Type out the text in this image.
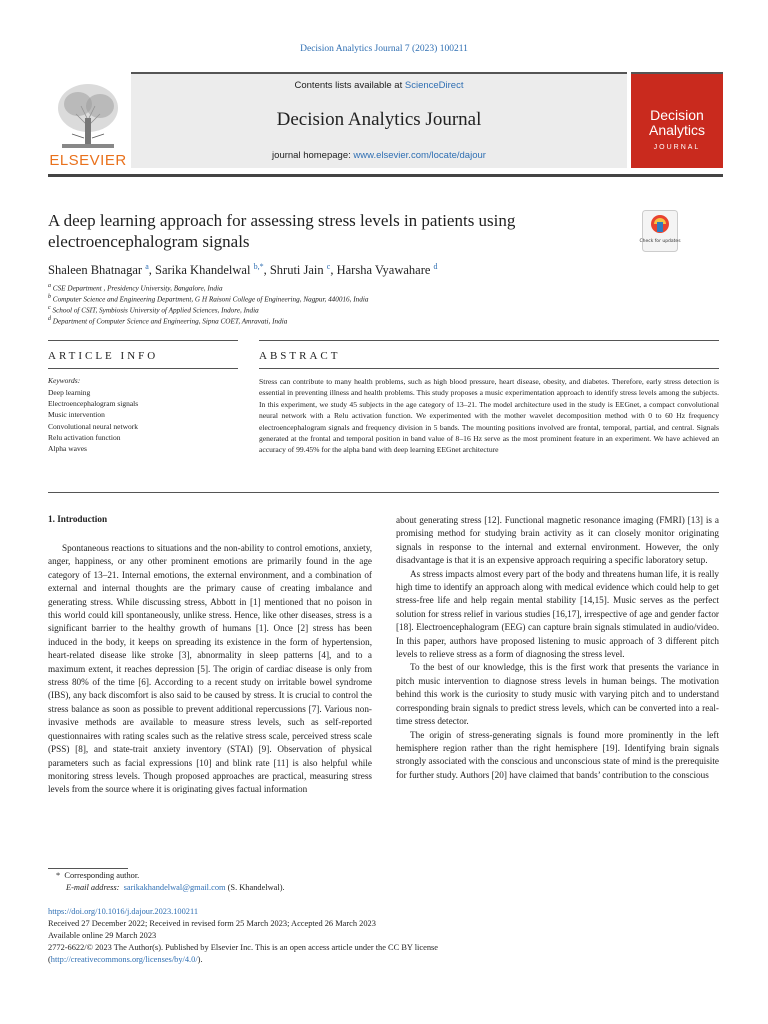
Decision Analytics Journal 7 (2023) 100211
ELSEVIER
Contents lists available at ScienceDirect
Decision Analytics Journal
journal homepage: www.elsevier.com/locate/dajour
Decision Analytics
JOURNAL
A deep learning approach for assessing stress levels in patients using electroencephalogram signals	Check for updates
Shaleen Bhatnagar $^a$, Sarika Khandelwal $^{b,*}$, Shruti Jain $^c$, Harsha Vyawahare $^d$
$^a$ CSE Department , Presidency University, Bangalore, India
$^b$ Computer Science and Engineering Department, G H Raisoni College of Engineering, Nagpur, 440016, India
$^c$ School of CSIT, Symbiosis University of Applied Sciences, Indore, India
$^d$ Department of Computer Science and Engineering, Sipna COET, Amravati, India
ARTICLE INFO
Keywords:
Deep learning
Electroencephalogram signals
Music intervention
Convolutional neural network
Relu activation function
Alpha waves
ABSTRACT
Stress can contribute to many health problems, such as high blood pressure, heart disease, obesity, and diabetes. Therefore, early stress detection is essential in preventing illness and health problems. This study proposes a music experimentation approach to identify stress levels among the subjects. In this experiment, we study 45 subjects in the age category of 13–21. The model architecture used in the study is EEGnet, a compact convolutional neural network with a Relu activation function. We experimented with the mother wavelet decomposition method with 0 to 60 Hz frequency electroencephalogram signals and frequency division in 5 bands. The mounting positions involved are frontal, temporal, partial, and central. Signals generated at the frontal and temporal position in band value of 8–16 Hz serve as the most prominent feature in an experiment. We have achieved an accuracy of 99.45% for the alpha band with deep learning EEGnet architecture
1. Introduction

Spontaneous reactions to situations and the non-ability to control emotions, anxiety, anger, happiness, or any other prominent emotions are primarily found in the age category of 13–21. Internal emotions, the external environment, and a combination of external and internal thoughts are the primary cause of creating imbalance and generating stress. While discussing stress, Abbott in [1] mentioned that no poison in this world could kill spontaneously, unlike stress. Hence, like other diseases, stress is a significant barrier to the healthy growth of humans [1]. Once [2] stress has been induced in the body, it keeps on spreading its existence in the form of hypertension, heart-related disease like stroke [3], abnormality in sleep patterns [4], and to a maximum extent, it reaches depression [5]. The origin of cardiac disease is only from stress 80% of the time [6]. According to a recent study on irritable bowel syndrome (IBS), any back discomfort is also said to be caused by stress. It is crucial to control the stress balance as soon as possible to prevent additional repercussions [7]. Various non-invasive methods are available to measure stress levels, such as self-reported questionnaires with rating scales such as the relative stress scale, perceived stress scale (PSS) [8], and state-trait anxiety inventory (STAI) [9]. Observation of physical parameters such as facial expressions [10] and blink rate [11] is also helpful while monitoring stress levels. Though proposed approaches are practical, measuring stress levels from the source where it is originating gives factual information

about generating stress [12]. Functional magnetic resonance imaging (FMRI) [13] is a promising method for studying brain activity as it can closely monitor originating signals in response to the internal and external environment. However, the only disadvantage is that it is an expensive approach requiring a specific laboratory setup.

As stress impacts almost every part of the body and threatens human life, it is really high time to identify an approach along with medical evidence which could help to get stress-free life and help regain mental stability [14,15]. Music serves as the perfect solution for stress relief in various studies [16,17], irrespective of age and gender factor [18]. Electroencephalogram (EEG) can capture brain signals stimulated in audio/video. In this paper, authors have proposed listening to music approach of 3 different pitch levels to relieve stress as a form of diagnosing the stress level.

To the best of our knowledge, this is the first work that presents the variance in pitch music intervention to diagnose stress levels in human beings. The motivation behind this work is the curiosity to study music with varying pitch and to understand corresponding brain signals to predict stress levels, which can be converted into a real-time stress detector.

The origin of stress-generating signals is found more prominently in the left hemisphere region rather than the right hemisphere [19]. Identifying brain signals strongly associated with the conscious and unconscious state of mind is the prerequisite for further study. Authors [20] have claimed that bands’ contribution to the conscious

* Corresponding author.
E-mail address: sarikakhandelwal@gmail.com (S. Khandelwal).
https://doi.org/10.1016/j.dajour.2023.100211
Received 27 December 2022; Received in revised form 25 March 2023; Accepted 26 March 2023
Available online 29 March 2023
2772-6622/© 2023 The Author(s). Published by Elsevier Inc. This is an open access article under the CC BY license
(http://creativecommons.org/licenses/by/4.0/).
